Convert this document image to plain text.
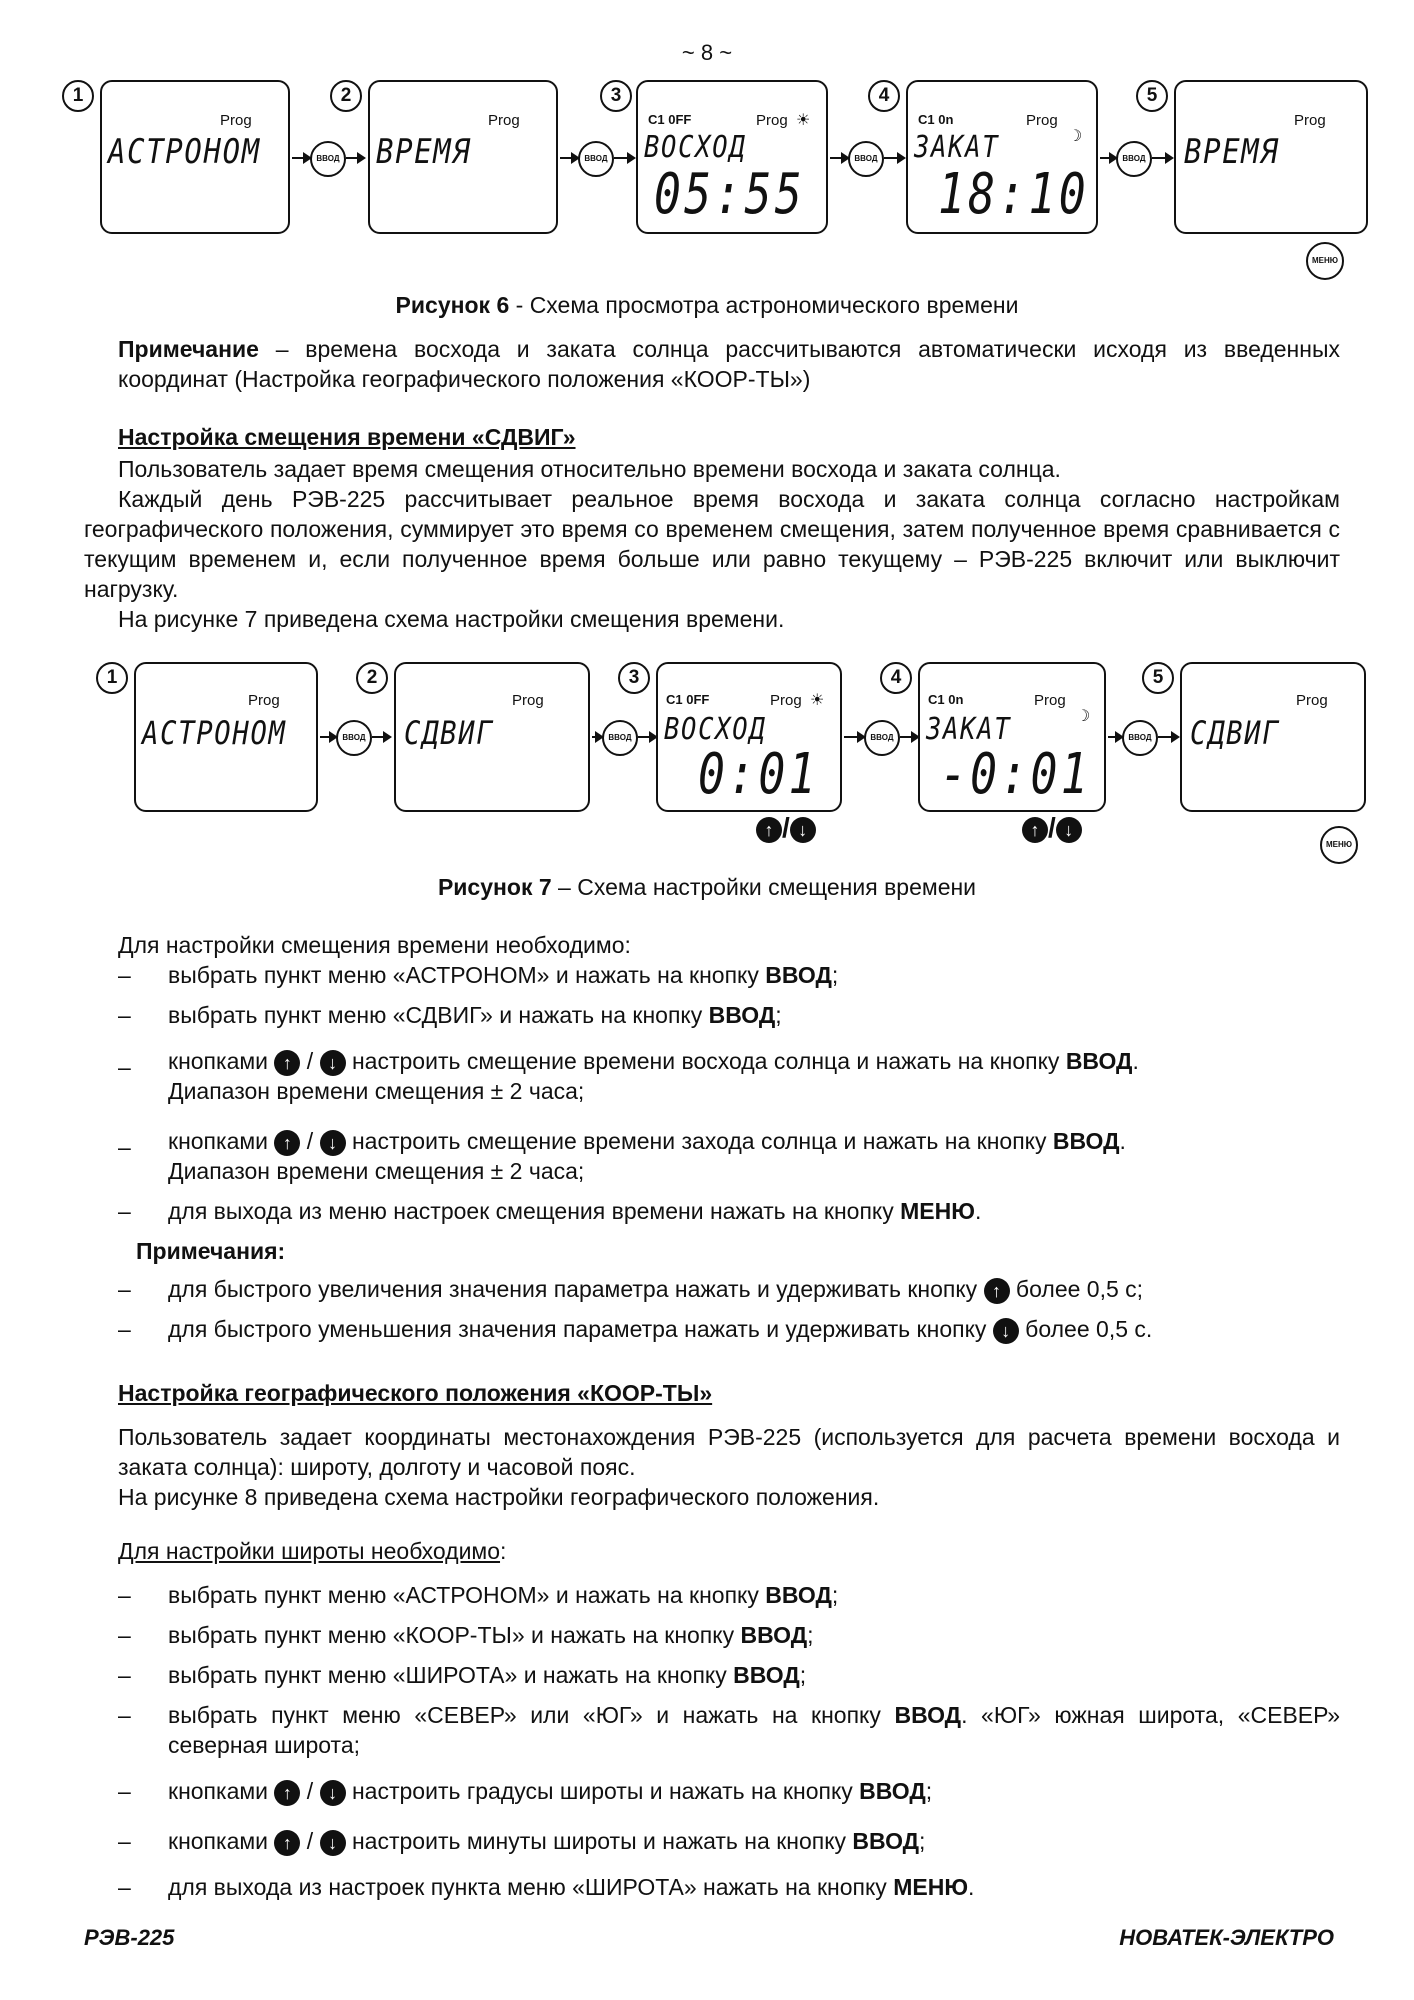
~ 8 ~
1
Prog
АСТРОНОМ	ВВОД
2
Prog
ВРЕМЯ	ВВОД
3
C1 0FF	Prog ☀
ВОСХОД
05:55
ВВОД
4
C1 0n	Prog
☽
ЗАКАТ
18:10
ВВОД
5
Prog
ВРЕМЯ
МЕНЮ
Рисунок 6 - Схема просмотра астрономического времени
Примечание – времена восхода и заката солнца рассчитываются автоматически исходя из введенных координат (Настройка географического положения «КООР-ТЫ»)
Настройка смещения времени «СДВИГ»
Пользователь задает время смещения относительно времени восхода и заката солнца.
Каждый день РЭВ-225 рассчитывает реальное время восхода и заката солнца согласно настройкам географического положения, суммирует это время со временем смещения, затем полученное время сравнивается с текущим временем и, если полученное время больше или равно текущему – РЭВ-225 включит или выключит нагрузку.
На рисунке 7 приведена схема настройки смещения времени.
1
Prog
АСТРОНОМ	ВВОД
2
Prog
СДВИГ	ВВОД
3
C1 0FF	Prog ☀
ВОСХОД
0:01
↑ / ↓
ВВОД
4
C1 0n	Prog
☽
ЗАКАТ
-0:01
↑ / ↓
ВВОД
5
Prog
СДВИГ
МЕНЮ
Рисунок 7 – Схема настройки смещения времени
Для настройки смещения времени необходимо:
– выбрать пункт меню «АСТРОНОМ» и нажать на кнопку ВВОД;
– выбрать пункт меню «СДВИГ» и нажать на кнопку ВВОД;
– кнопками ↑ / ↓ настроить смещение времени восхода солнца и нажать на кнопку ВВОД.
Диапазон времени смещения ± 2 часа;
– кнопками ↑ / ↓ настроить смещение времени захода солнца и нажать на кнопку ВВОД.
Диапазон времени смещения ± 2 часа;
– для выхода из меню настроек смещения времени нажать на кнопку МЕНЮ.
Примечания:
– для быстрого увеличения значения параметра нажать и удерживать кнопку ↑ более 0,5 с;
– для быстрого уменьшения значения параметра нажать и удерживать кнопку ↓ более 0,5 с.
Настройка географического положения «КООР-ТЫ»
Пользователь задает координаты местонахождения РЭВ-225 (используется для расчета времени восхода и заката солнца): широту, долготу и часовой пояс.
На рисунке 8 приведена схема настройки географического положения.
Для настройки широты необходимо:
– выбрать пункт меню «АСТРОНОМ» и нажать на кнопку ВВОД;
– выбрать пункт меню «КООР-ТЫ» и нажать на кнопку ВВОД;
– выбрать пункт меню «ШИРОТА» и нажать на кнопку ВВОД;
– выбрать пункт меню «СЕВЕР» или «ЮГ» и нажать на кнопку ВВОД. «ЮГ» южная широта, «СЕВЕР» северная широта;
– кнопками ↑ / ↓ настроить градусы широты и нажать на кнопку ВВОД;
– кнопками ↑ / ↓ настроить минуты широты и нажать на кнопку ВВОД;
– для выхода из настроек пункта меню «ШИРОТА» нажать на кнопку МЕНЮ.
РЭВ-225	НОВАТЕК-ЭЛЕКТРО
